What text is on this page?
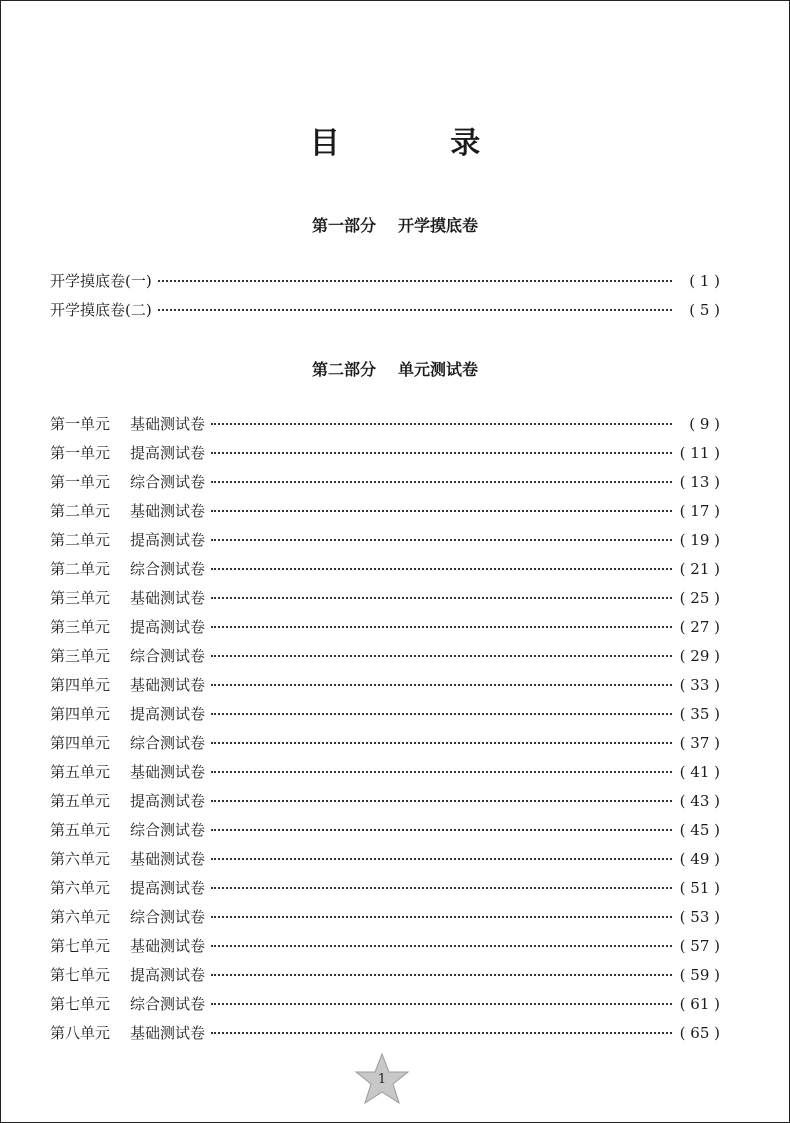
目 录
第一部分 开学摸底卷
开学摸底卷(一)	( 1 )
开学摸底卷(二)	( 5 )
第二部分 单元测试卷
第一单元 基础测试卷	( 9 )
第一单元 提高测试卷	( 11 )
第一单元 综合测试卷	( 13 )
第二单元 基础测试卷	( 17 )
第二单元 提高测试卷	( 19 )
第二单元 综合测试卷	( 21 )
第三单元 基础测试卷	( 25 )
第三单元 提高测试卷	( 27 )
第三单元 综合测试卷	( 29 )
第四单元 基础测试卷	( 33 )
第四单元 提高测试卷	( 35 )
第四单元 综合测试卷	( 37 )
第五单元 基础测试卷	( 41 )
第五单元 提高测试卷	( 43 )
第五单元 综合测试卷	( 45 )
第六单元 基础测试卷	( 49 )
第六单元 提高测试卷	( 51 )
第六单元 综合测试卷	( 53 )
第七单元 基础测试卷	( 57 )
第七单元 提高测试卷	( 59 )
第七单元 综合测试卷	( 61 )
第八单元 基础测试卷	( 65 )
1
